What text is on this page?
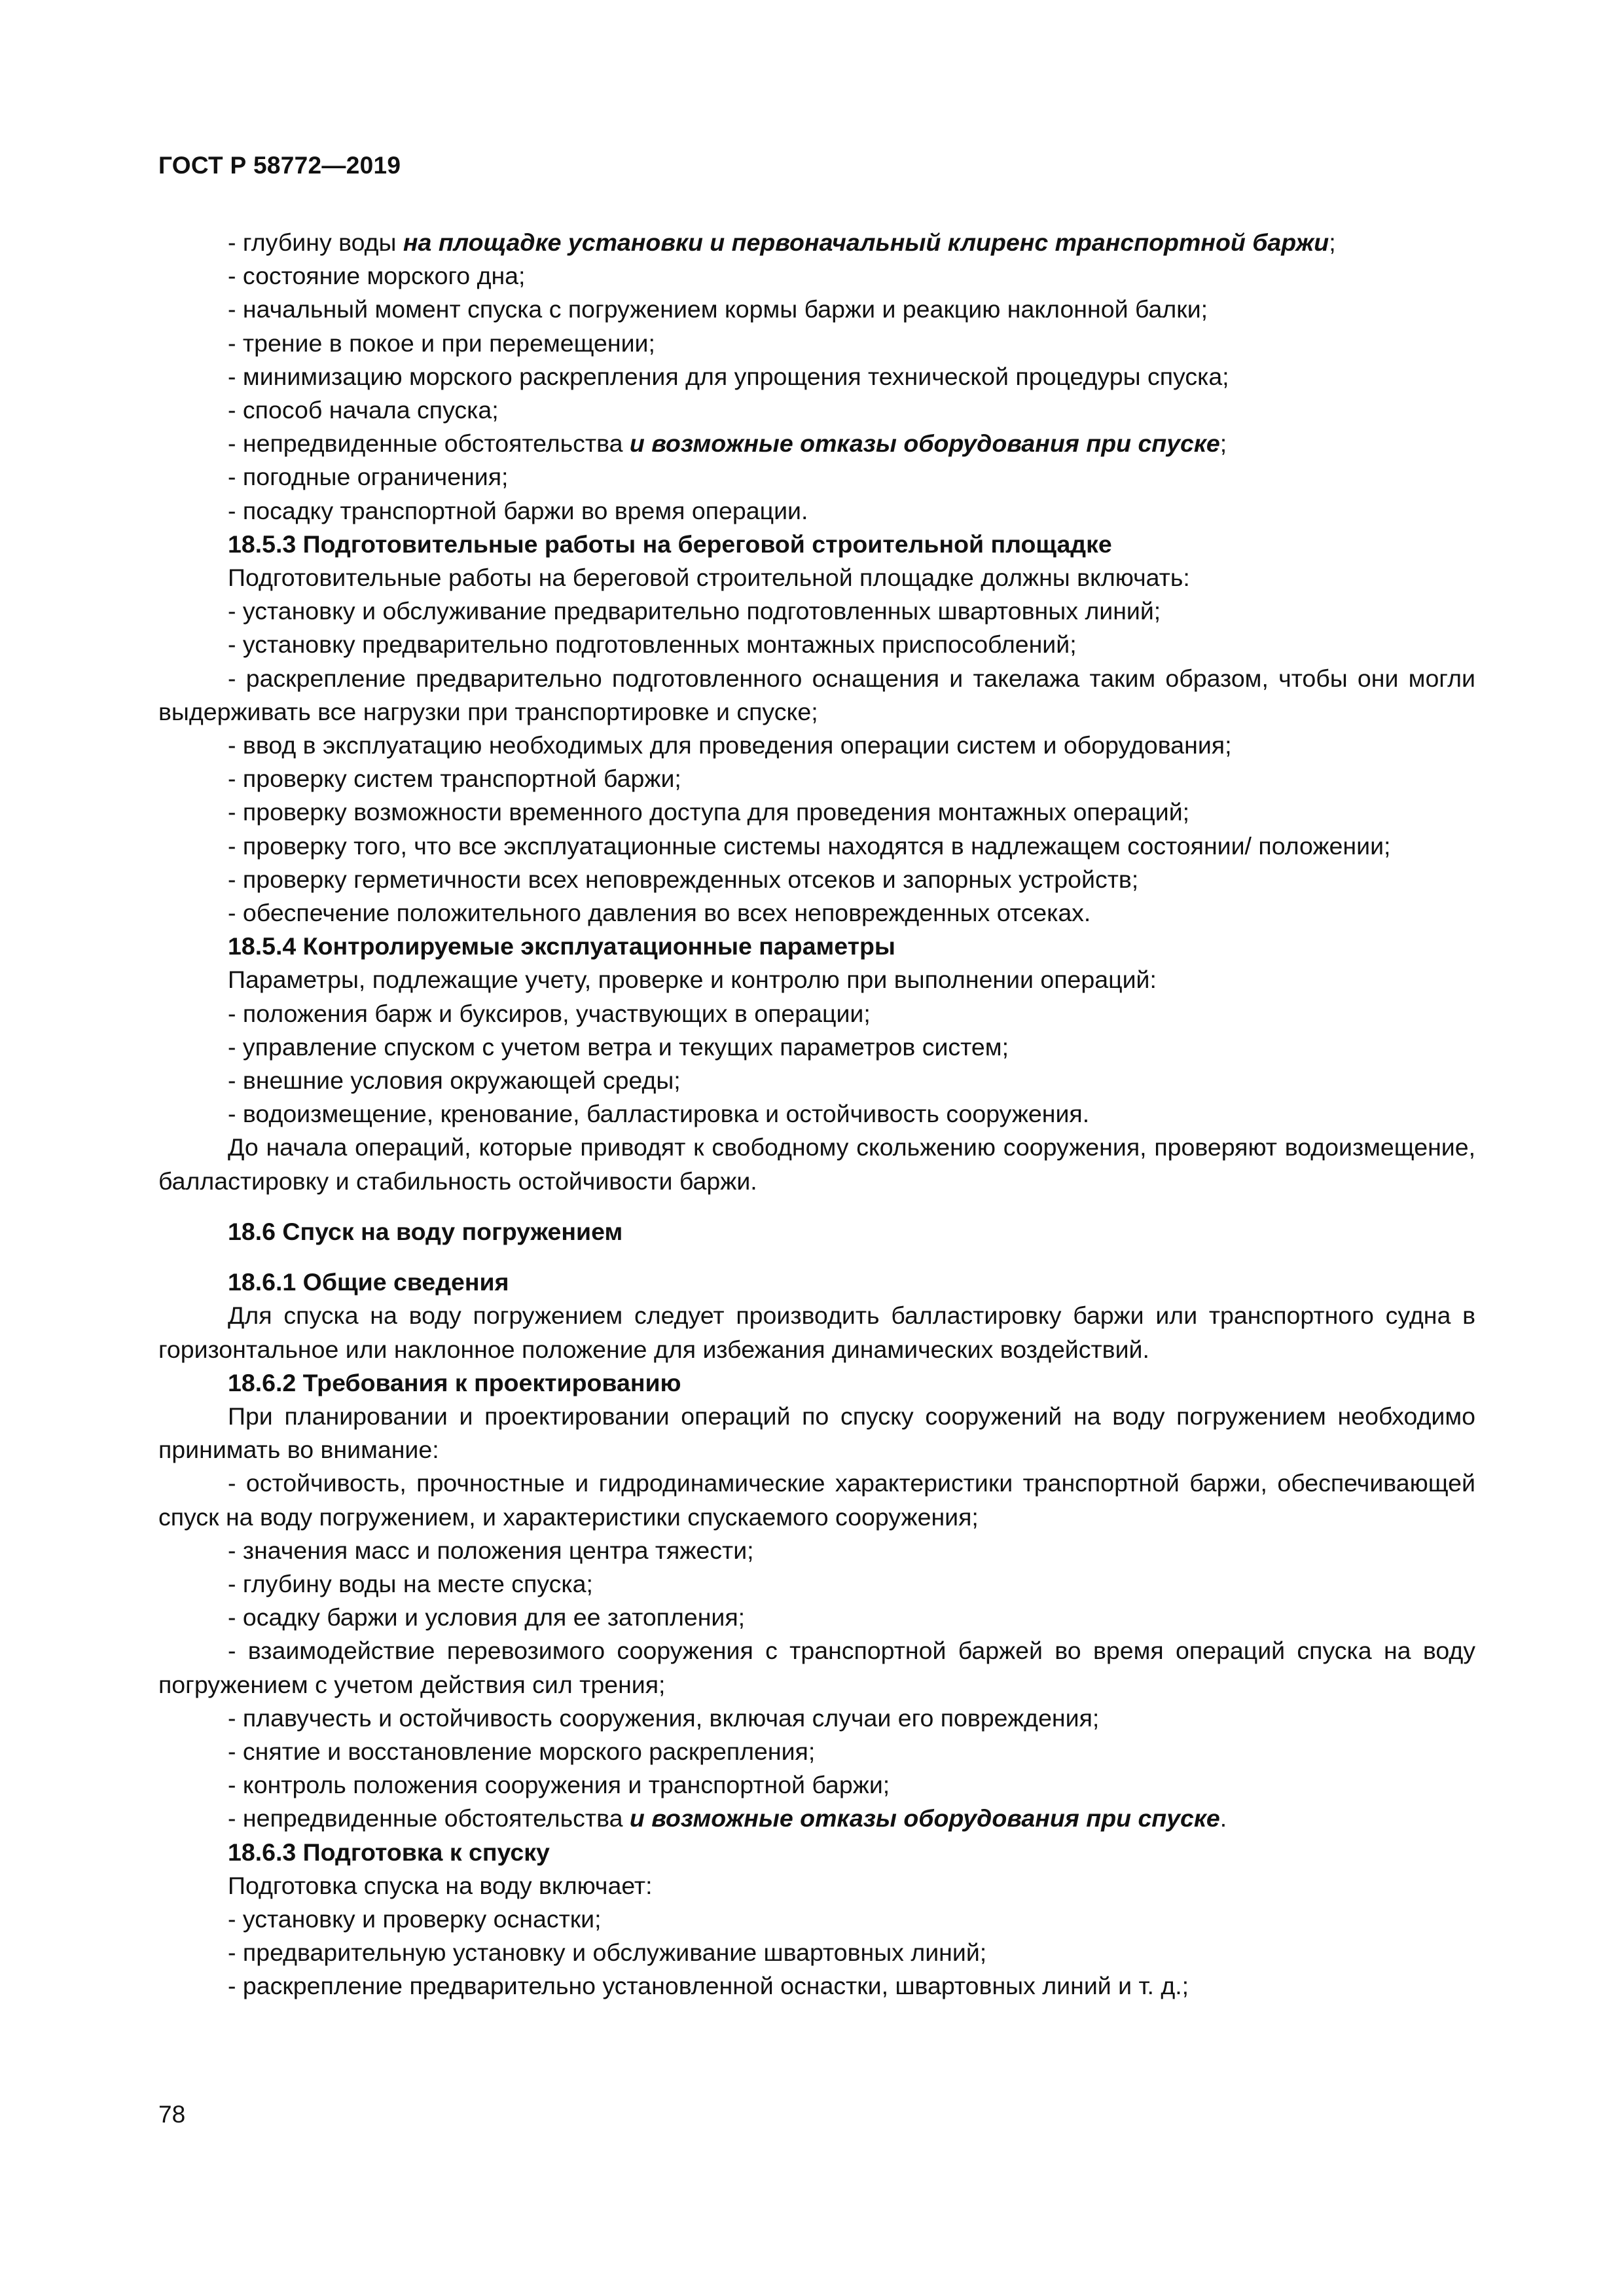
ГОСТ Р 58772—2019
- глубину воды на площадке установки и первоначальный клиренс транспортной баржи;
- состояние морского дна;
- начальный момент спуска с погружением кормы баржи и реакцию наклонной балки;
- трение в покое и при перемещении;
- минимизацию морского раскрепления для упрощения технической процедуры спуска;
- способ начала спуска;
- непредвиденные обстоятельства и возможные отказы оборудования при спуске;
- погодные ограничения;
- посадку транспортной баржи во время операции.
18.5.3 Подготовительные работы на береговой строительной площадке
Подготовительные работы на береговой строительной площадке должны включать:
- установку и обслуживание предварительно подготовленных швартовных линий;
- установку предварительно подготовленных монтажных приспособлений;
- раскрепление предварительно подготовленного оснащения и такелажа таким образом, чтобы они могли выдерживать все нагрузки при транспортировке и спуске;
- ввод в эксплуатацию необходимых для проведения операции систем и оборудования;
- проверку систем транспортной баржи;
- проверку возможности временного доступа для проведения монтажных операций;
- проверку того, что все эксплуатационные системы находятся в надлежащем состоянии/ положении;
- проверку герметичности всех неповрежденных отсеков и запорных устройств;
- обеспечение положительного давления во всех неповрежденных отсеках.
18.5.4 Контролируемые эксплуатационные параметры
Параметры, подлежащие учету, проверке и контролю при выполнении операций:
- положения барж и буксиров, участвующих в операции;
- управление спуском с учетом ветра и текущих параметров систем;
- внешние условия окружающей среды;
- водоизмещение, кренование, балластировка и остойчивость сооружения.
До начала операций, которые приводят к свободному скольжению сооружения, проверяют водоизмещение, балластировку и стабильность остойчивости баржи.
18.6 Спуск на воду погружением
18.6.1 Общие сведения
Для спуска на воду погружением следует производить балластировку баржи или транспортного судна в горизонтальное или наклонное положение для избежания динамических воздействий.
18.6.2 Требования к проектированию
При планировании и проектировании операций по спуску сооружений на воду погружением необходимо принимать во внимание:
- остойчивость, прочностные и гидродинамические характеристики транспортной баржи, обеспечивающей спуск на воду погружением, и характеристики спускаемого сооружения;
- значения масс и положения центра тяжести;
- глубину воды на месте спуска;
- осадку баржи и условия для ее затопления;
- взаимодействие перевозимого сооружения с транспортной баржей во время операций спуска на воду погружением с учетом действия сил трения;
- плавучесть и остойчивость сооружения, включая случаи его повреждения;
- снятие и восстановление морского раскрепления;
- контроль положения сооружения и транспортной баржи;
- непредвиденные обстоятельства и возможные отказы оборудования при спуске.
18.6.3 Подготовка к спуску
Подготовка спуска на воду включает:
- установку и проверку оснастки;
- предварительную установку и обслуживание швартовных линий;
- раскрепление предварительно установленной оснастки, швартовных линий и т. д.;
78
